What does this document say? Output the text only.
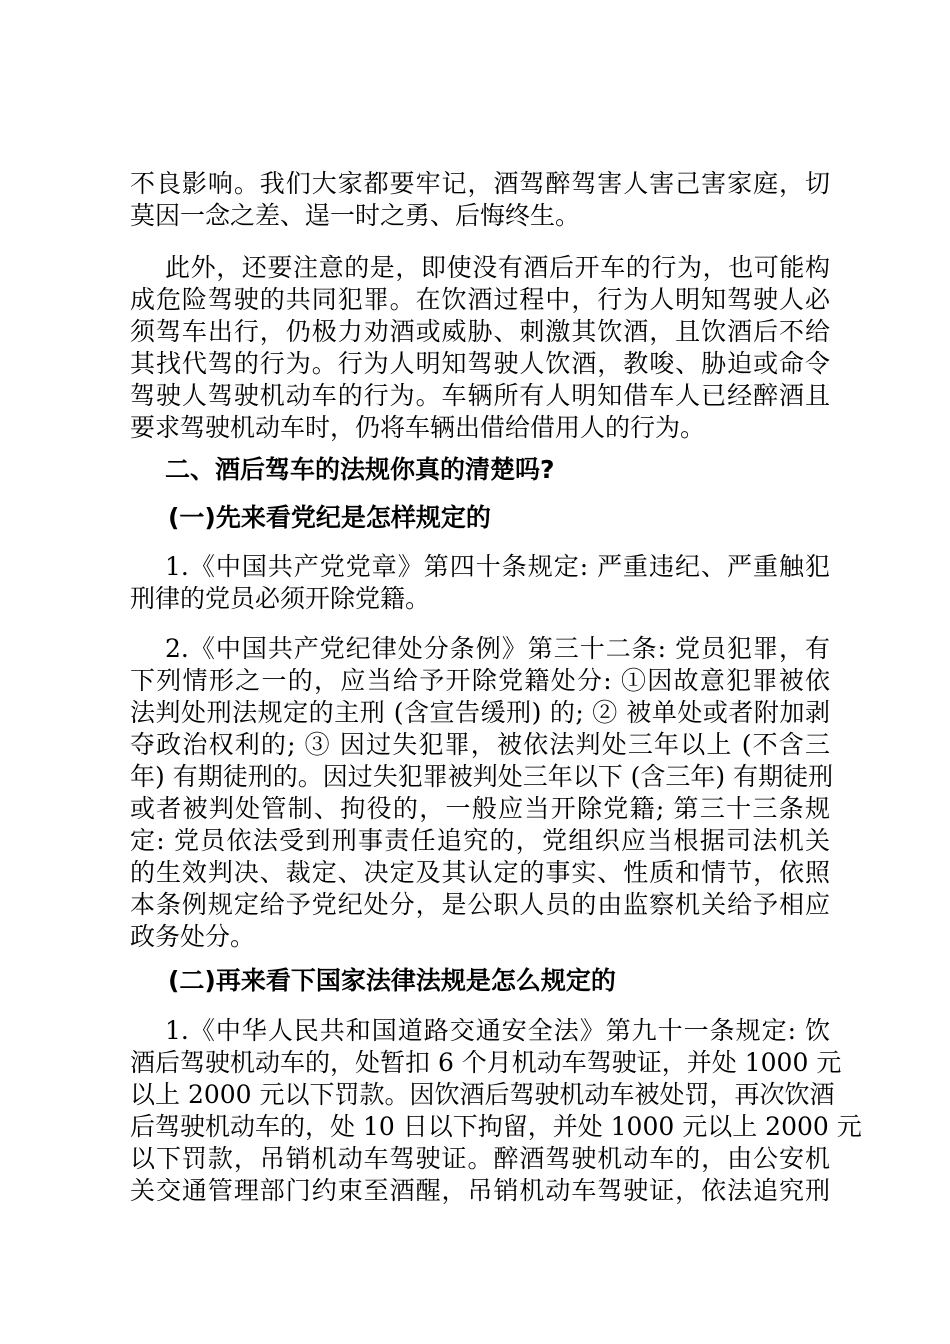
不良影响。我们大家都要牢记，酒驾醉驾害人害己害家庭，切
莫因一念之差、逞一时之勇、后悔终生。
此外，还要注意的是，即使没有酒后开车的行为，也可能构
成危险驾驶的共同犯罪。在饮酒过程中，行为人明知驾驶人必
须驾车出行，仍极力劝酒或威胁、刺激其饮酒，且饮酒后不给
其找代驾的行为。行为人明知驾驶人饮酒，教唆、胁迫或命令
驾驶人驾驶机动车的行为。车辆所有人明知借车人已经醉酒且
要求驾驶机动车时，仍将车辆出借给借用人的行为。
二、酒后驾车的法规你真的清楚吗?
(一)先来看党纪是怎样规定的
1.《中国共产党党章》第四十条规定: 严重违纪、严重触犯
刑律的党员必须开除党籍。
2.《中国共产党纪律处分条例》第三十二条: 党员犯罪，有
下列情形之一的，应当给予开除党籍处分: ①因故意犯罪被依
法判处刑法规定的主刑 (含宣告缓刑) 的; ② 被单处或者附加剥
夺政治权利的; ③ 因过失犯罪，被依法判处三年以上 (不含三
年) 有期徒刑的。因过失犯罪被判处三年以下 (含三年) 有期徒刑
或者被判处管制、拘役的，一般应当开除党籍; 第三十三条规
定: 党员依法受到刑事责任追究的，党组织应当根据司法机关
的生效判决、裁定、决定及其认定的事实、性质和情节，依照
本条例规定给予党纪处分，是公职人员的由监察机关给予相应
政务处分。
(二)再来看下国家法律法规是怎么规定的
1.《中华人民共和国道路交通安全法》第九十一条规定: 饮
酒后驾驶机动车的，处暂扣 6 个月机动车驾驶证，并处 1000 元
以上 2000 元以下罚款。因饮酒后驾驶机动车被处罚，再次饮酒
后驾驶机动车的，处 10 日以下拘留，并处 1000 元以上 2000 元
以下罚款，吊销机动车驾驶证。醉酒驾驶机动车的，由公安机
关交通管理部门约束至酒醒，吊销机动车驾驶证，依法追究刑
